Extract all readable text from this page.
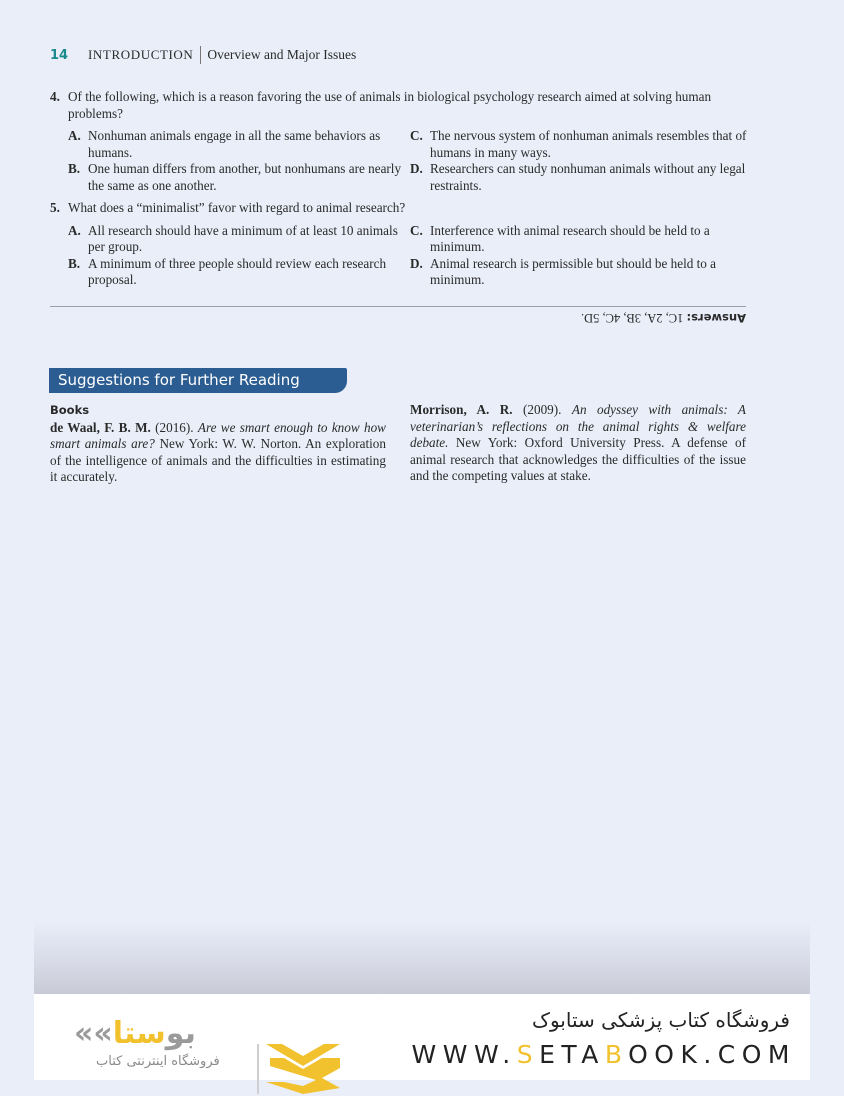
14	INTRODUCTION Overview and Major Issues
4. Of the following, which is a reason favoring the use of animals in biological psychology research aimed at solving human problems?
A. Nonhuman animals engage in all the same behaviors as humans.
C. The nervous system of nonhuman animals resembles that of humans in many ways.
B. One human differs from another, but nonhumans are nearly the same as one another.
D. Researchers can study nonhuman animals without any legal restraints.
5. What does a “minimalist” favor with regard to animal research?
A. All research should have a minimum of at least 10 animals per group.
C. Interference with animal research should be held to a minimum.
B. A minimum of three people should review each research proposal.
D. Animal research is permissible but should be held to a minimum.
Answers: 1C, 2A, 3B, 4C, 5D.
Suggestions for Further Reading
Books
de Waal, F. B. M. (2016). Are we smart enough to know how smart animals are? New York: W. W. Norton. An exploration of the intelligence of animals and the difficulties in estimating it accurately.
Morrison, A. R. (2009). An odyssey with animals: A veterinarian’s reflections on the animal rights & welfare debate. New York: Oxford University Press. A defense of animal research that acknowledges the difficulties of the issue and the competing values at stake.
««بوستا
فروشگاه اینترنتی کتاب
فروشگاه کتاب پزشکی ستابوک
WWW.SETABOOK.COM
